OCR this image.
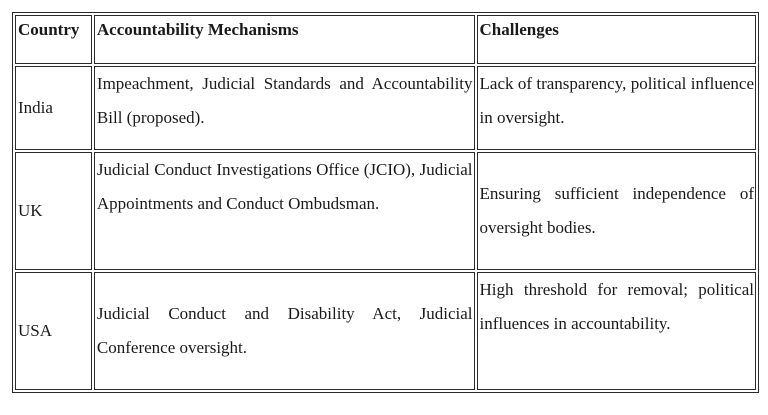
Country	Accountability Mechanisms	Challenges
India	Impeachment, Judicial Standards and Accountability Bill (proposed).	Lack of transparency, political influence in oversight.
UK	Judicial Conduct Investigations Office (JCIO), Judicial Appointments and Conduct Ombudsman.	Ensuring sufficient independence of oversight bodies.
USA	Judicial Conduct and Disability Act, Judicial Conference oversight.	High threshold for removal; political influences in accountability.
